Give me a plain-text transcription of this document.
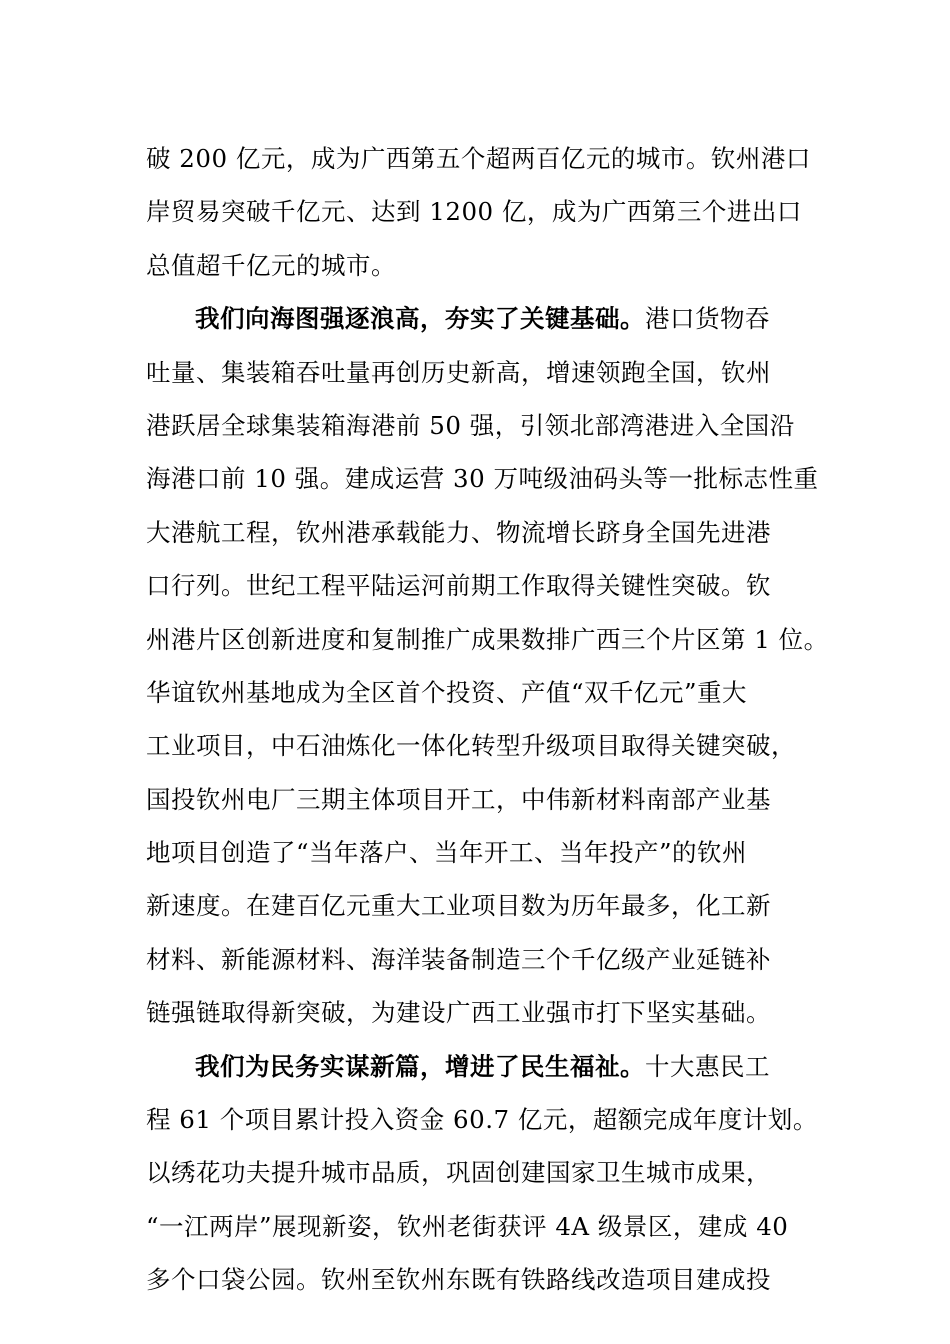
破 200 亿元，成为广西第五个超两百亿元的城市。钦州港口
岸贸易突破千亿元、达到 1200 亿，成为广西第三个进出口
总值超千亿元的城市。
我们向海图强逐浪高，夯实了关键基础。港口货物吞
吐量、集装箱吞吐量再创历史新高，增速领跑全国，钦州
港跃居全球集装箱海港前 50 强，引领北部湾港进入全国沿
海港口前 10 强。建成运营 30 万吨级油码头等一批标志性重
大港航工程，钦州港承载能力、物流增长跻身全国先进港
口行列。世纪工程平陆运河前期工作取得关键性突破。钦
州港片区创新进度和复制推广成果数排广西三个片区第 1 位。
华谊钦州基地成为全区首个投资、产值“双千亿元”重大
工业项目，中石油炼化一体化转型升级项目取得关键突破，
国投钦州电厂三期主体项目开工，中伟新材料南部产业基
地项目创造了“当年落户、当年开工、当年投产”的钦州
新速度。在建百亿元重大工业项目数为历年最多，化工新
材料、新能源材料、海洋装备制造三个千亿级产业延链补
链强链取得新突破，为建设广西工业强市打下坚实基础。
我们为民务实谋新篇，增进了民生福祉。十大惠民工
程 61 个项目累计投入资金 60.7 亿元，超额完成年度计划。
以绣花功夫提升城市品质，巩固创建国家卫生城市成果，
“一江两岸”展现新姿，钦州老街获评 4A 级景区，建成 40
多个口袋公园。钦州至钦州东既有铁路线改造项目建成投
